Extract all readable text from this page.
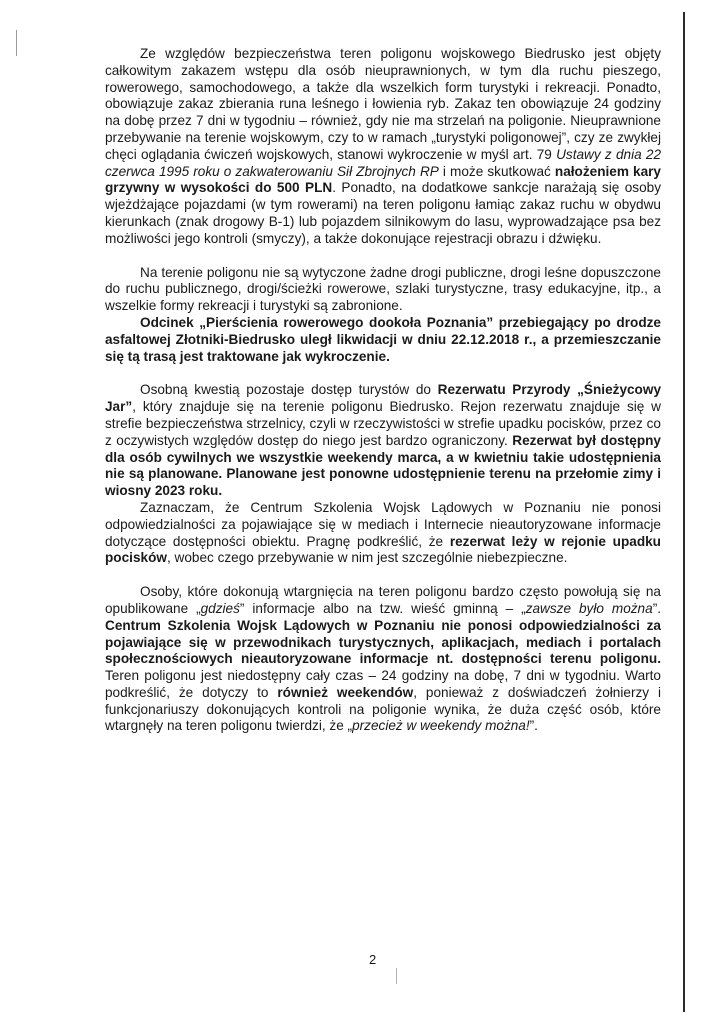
Ze względów bezpieczeństwa teren poligonu wojskowego Biedrusko jest objęty całkowitym zakazem wstępu dla osób nieuprawnionych, w tym dla ruchu pieszego, rowerowego, samochodowego, a także dla wszelkich form turystyki i rekreacji. Ponadto, obowiązuje zakaz zbierania runa leśnego i łowienia ryb. Zakaz ten obowiązuje 24 godziny na dobę przez 7 dni w tygodniu – również, gdy nie ma strzelań na poligonie. Nieuprawnione przebywanie na terenie wojskowym, czy to w ramach „turystyki poligonowej”, czy ze zwykłej chęci oglądania ćwiczeń wojskowych, stanowi wykroczenie w myśl art. 79 Ustawy z dnia 22 czerwca 1995 roku o zakwaterowaniu Sił Zbrojnych RP i może skutkować nałożeniem kary grzywny w wysokości do 500 PLN. Ponadto, na dodatkowe sankcje narażają się osoby wjeżdżające pojazdami (w tym rowerami) na teren poligonu łamiąc zakaz ruchu w obydwu kierunkach (znak drogowy B-1) lub pojazdem silnikowym do lasu, wyprowadzające psa bez możliwości jego kontroli (smyczy), a także dokonujące rejestracji obrazu i dźwięku.

Na terenie poligonu nie są wytyczone żadne drogi publiczne, drogi leśne dopuszczone do ruchu publicznego, drogi/ścieżki rowerowe, szlaki turystyczne, trasy edukacyjne, itp., a wszelkie formy rekreacji i turystyki są zabronione.

Odcinek „Pierścienia rowerowego dookoła Poznania” przebiegający po drodze asfaltowej Złotniki-Biedrusko uległ likwidacji w dniu 22.12.2018 r., a przemieszczanie się tą trasą jest traktowane jak wykroczenie.

Osobną kwestią pozostaje dostęp turystów do Rezerwatu Przyrody „Śnieżycowy Jar”, który znajduje się na terenie poligonu Biedrusko. Rejon rezerwatu znajduje się w strefie bezpieczeństwa strzelnicy, czyli w rzeczywistości w strefie upadku pocisków, przez co z oczywistych względów dostęp do niego jest bardzo ograniczony. Rezerwat był dostępny dla osób cywilnych we wszystkie weekendy marca, a w kwietniu takie udostępnienia nie są planowane. Planowane jest ponowne udostępnienie terenu na przełomie zimy i wiosny 2023 roku.

Zaznaczam, że Centrum Szkolenia Wojsk Lądowych w Poznaniu nie ponosi odpowiedzialności za pojawiające się w mediach i Internecie nieautoryzowane informacje dotyczące dostępności obiektu. Pragnę podkreślić, że rezerwat leży w rejonie upadku pocisków, wobec czego przebywanie w nim jest szczególnie niebezpieczne.

Osoby, które dokonują wtargnięcia na teren poligonu bardzo często powołują się na opublikowane „gdzieś” informacje albo na tzw. wieść gminną – „zawsze było można”. Centrum Szkolenia Wojsk Lądowych w Poznaniu nie ponosi odpowiedzialności za pojawiające się w przewodnikach turystycznych, aplikacjach, mediach i portalach społecznościowych nieautoryzowane informacje nt. dostępności terenu poligonu. Teren poligonu jest niedostępny cały czas – 24 godziny na dobę, 7 dni w tygodniu. Warto podkreślić, że dotyczy to również weekendów, ponieważ z doświadczeń żołnierzy i funkcjonariuszy dokonujących kontroli na poligonie wynika, że duża część osób, które wtargnęły na teren poligonu twierdzi, że „przecież w weekendy można!”.

2
